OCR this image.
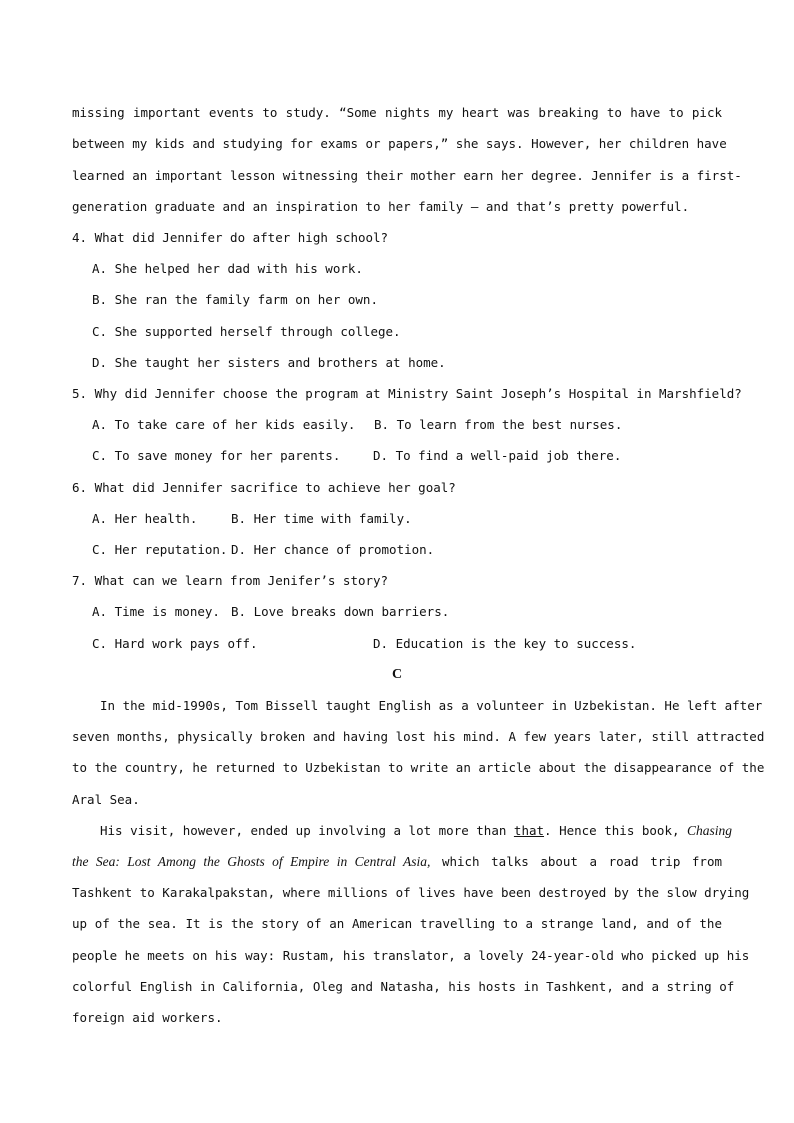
missing important events to study. “Some nights my heart was breaking to have to pick
between my kids and studying for exams or papers,” she says. However, her children have
learned an important lesson witnessing their mother earn her degree. Jennifer is a first-
generation graduate and an inspiration to her family — and that’s pretty powerful.
4. What did Jennifer do after high school?
A. She helped her dad with his work.
B. She ran the family farm on her own.
C. She supported herself through college.
D. She taught her sisters and brothers at home.
5. Why did Jennifer choose the program at Ministry Saint Joseph’s Hospital in Marshfield?
A. To take care of her kids easily. B. To learn from the best nurses.
C. To save money for her parents.	D. To find a well-paid job there.
6. What did Jennifer sacrifice to achieve her goal?
A. Her health.	B. Her time with family.
C. Her reputation. D. Her chance of promotion.
7. What can we learn from Jenifer’s story?
A. Time is money. B. Love breaks down barriers.
C. Hard work pays off.	D. Education is the key to success.
C
In the mid-1990s, Tom Bissell taught English as a volunteer in Uzbekistan. He left after
seven months, physically broken and having lost his mind. A few years later, still attracted
to the country, he returned to Uzbekistan to write an article about the disappearance of the
Aral Sea.
His visit, however, ended up involving a lot more than that. Hence this book, Chasing
the Sea: Lost Among the Ghosts of Empire in Central Asia, which talks about a road trip from
Tashkent to Karakalpakstan, where millions of lives have been destroyed by the slow drying
up of the sea. It is the story of an American travelling to a strange land, and of the
people he meets on his way: Rustam, his translator, a lovely 24-year-old who picked up his
colorful English in California, Oleg and Natasha, his hosts in Tashkent, and a string of
foreign aid workers.
